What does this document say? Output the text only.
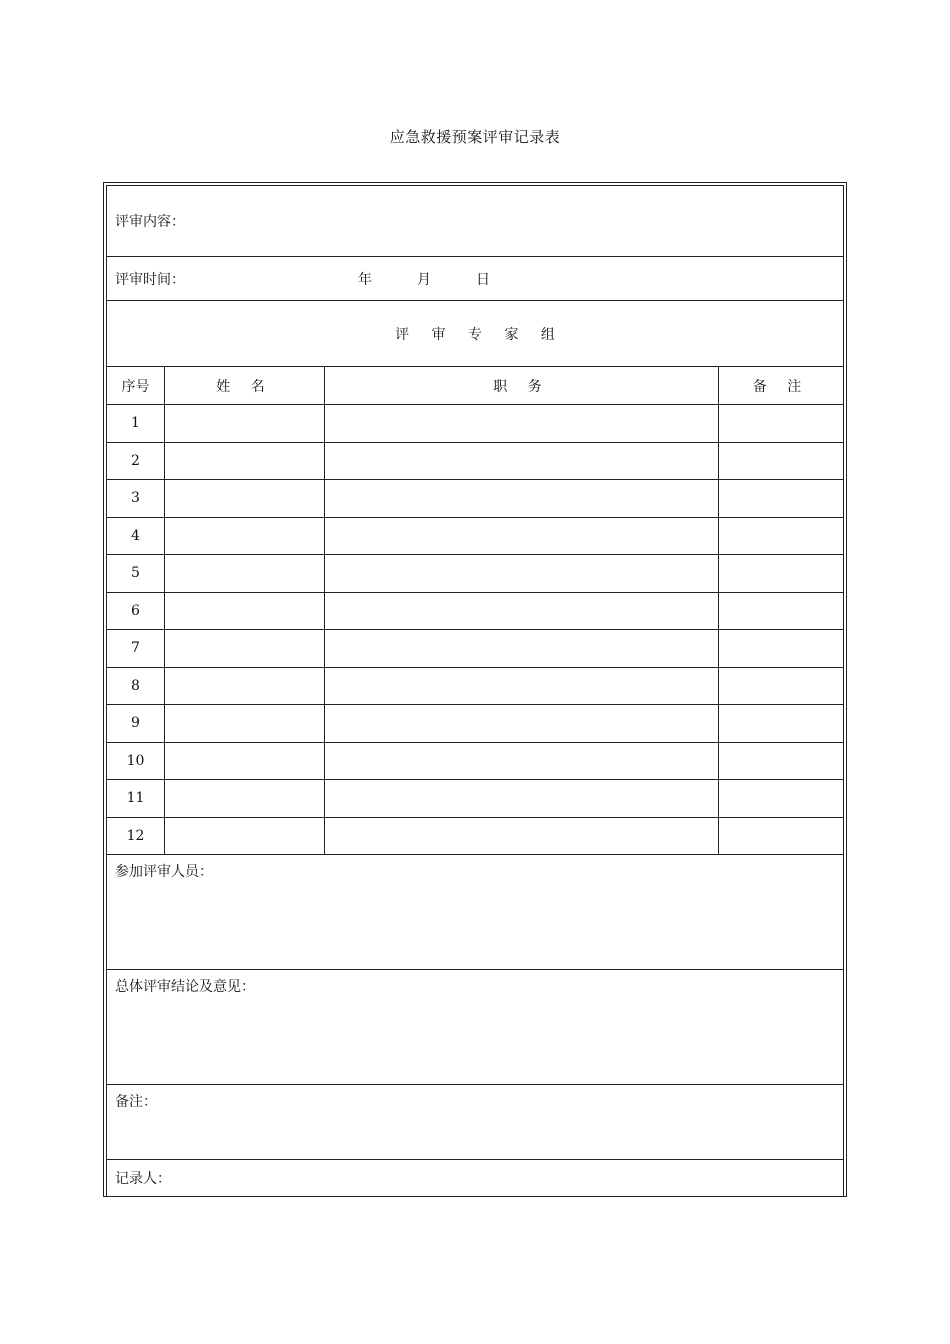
应急救援预案评审记录表
评审内容：			
评审时间： 年 月 日			
评 审 专 家 组			
序号	姓 名	职 务	备 注
1			
2			
3			
4			
5			
6			
7			
8			
9			
10			
11			
12			
参加评审人员：			
总体评审结论及意见：			
备注：			
记录人：			
